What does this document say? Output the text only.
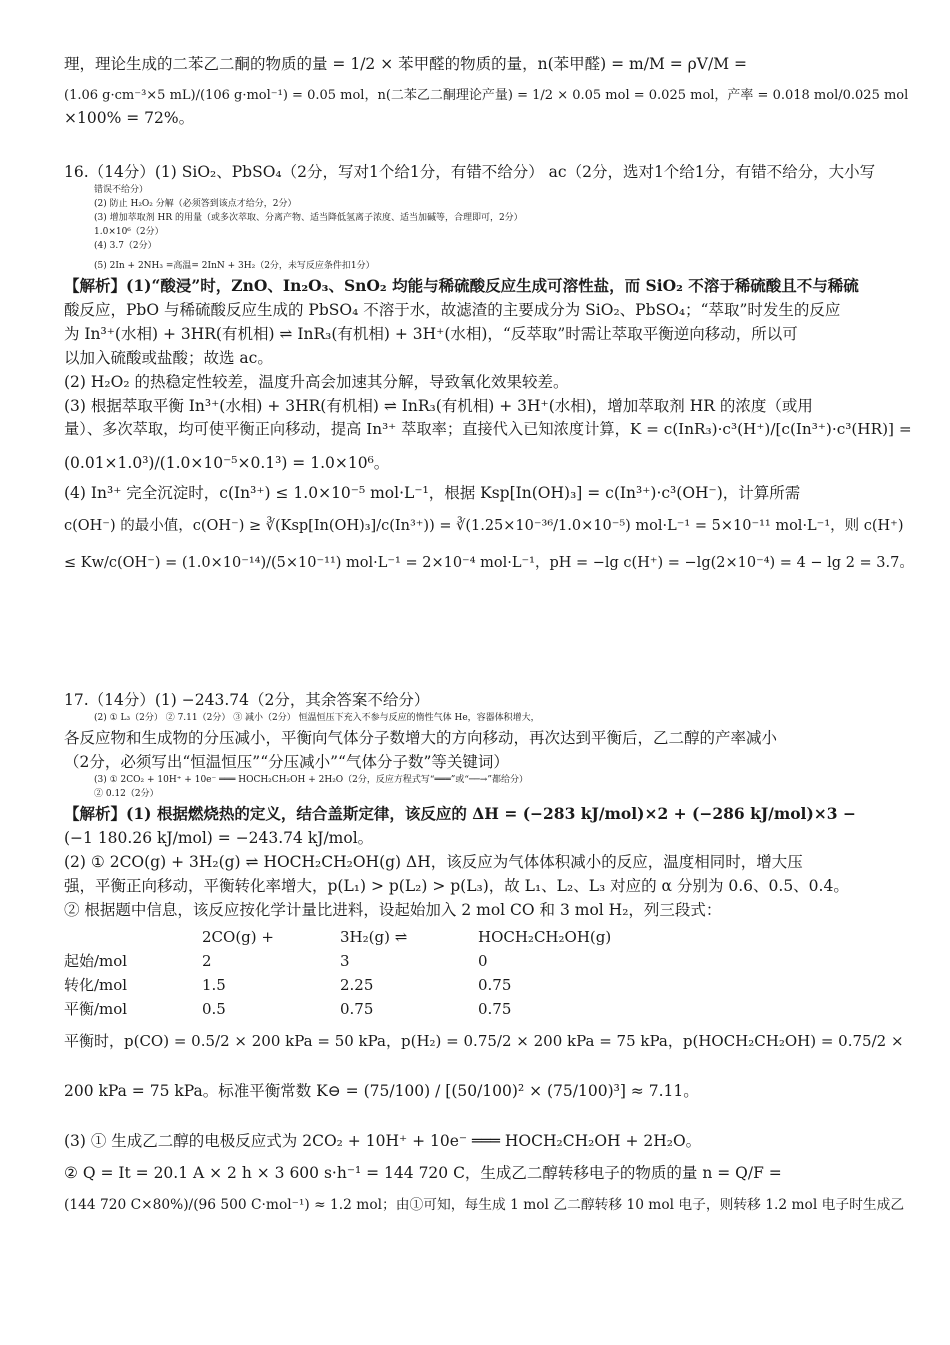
理，理论生成的二苯乙二酮的物质的量 = 1/2 × 苯甲醛的物质的量，n(苯甲醛) = m/M = ρV/M =
(1.06 g·cm⁻³×5 mL)/(106 g·mol⁻¹) = 0.05 mol，n(二苯乙二酮理论产量) = 1/2 × 0.05 mol = 0.025 mol，产率 = 0.018 mol/0.025 mol
×100% = 72%。
16.（14分）(1) SiO₂、PbSO₄（2分，写对1个给1分，有错不给分） ac（2分，选对1个给1分，有错不给分，大小写
错误不给分）
(2) 防止 H₂O₂ 分解（必须答到该点才给分，2分）
(3) 增加萃取剂 HR 的用量（或多次萃取、分离产物、适当降低氢离子浓度、适当加碱等，合理即可，2分）
1.0×10⁶（2分）
(4) 3.7（2分）
(5) 2In + 2NH₃ =高温= 2InN + 3H₂（2分，未写反应条件扣1分）
【解析】(1)“酸浸”时，ZnO、In₂O₃、SnO₂ 均能与稀硫酸反应生成可溶性盐，而 SiO₂ 不溶于稀硫酸且不与稀硫
酸反应，PbO 与稀硫酸反应生成的 PbSO₄ 不溶于水，故滤渣的主要成分为 SiO₂、PbSO₄；“萃取”时发生的反应
为 In³⁺(水相) + 3HR(有机相) ⇌ InR₃(有机相) + 3H⁺(水相)，“反萃取”时需让萃取平衡逆向移动，所以可
以加入硫酸或盐酸；故选 ac。
(2) H₂O₂ 的热稳定性较差，温度升高会加速其分解，导致氧化效果较差。
(3) 根据萃取平衡 In³⁺(水相) + 3HR(有机相) ⇌ InR₃(有机相) + 3H⁺(水相)，增加萃取剂 HR 的浓度（或用
量）、多次萃取，均可使平衡正向移动，提高 In³⁺ 萃取率；直接代入已知浓度计算，K = c(InR₃)·c³(H⁺)/[c(In³⁺)·c³(HR)] =
(0.01×1.0³)/(1.0×10⁻⁵×0.1³) = 1.0×10⁶。
(4) In³⁺ 完全沉淀时，c(In³⁺) ≤ 1.0×10⁻⁵ mol·L⁻¹，根据 Ksp[In(OH)₃] = c(In³⁺)·c³(OH⁻)，计算所需
c(OH⁻) 的最小值，c(OH⁻) ≥ ∛(Ksp[In(OH)₃]/c(In³⁺)) = ∛(1.25×10⁻³⁶/1.0×10⁻⁵) mol·L⁻¹ = 5×10⁻¹¹ mol·L⁻¹，则 c(H⁺)
≤ Kw/c(OH⁻) = (1.0×10⁻¹⁴)/(5×10⁻¹¹) mol·L⁻¹ = 2×10⁻⁴ mol·L⁻¹，pH = −lg c(H⁺) = −lg(2×10⁻⁴) = 4 − lg 2 = 3.7。
17.（14分）(1) −243.74（2分，其余答案不给分）
(2) ① L₃（2分） ② 7.11（2分） ③ 减小（2分） 恒温恒压下充入不参与反应的惰性气体 He，容器体积增大，
各反应物和生成物的分压减小，平衡向气体分子数增大的方向移动，再次达到平衡后，乙二醇的产率减小
（2分，必须写出“恒温恒压”“分压减小”“气体分子数”等关键词）
(3) ① 2CO₂ + 10H⁺ + 10e⁻ ═══ HOCH₂CH₂OH + 2H₂O（2分，反应方程式写“═══”或“──→”都给分）
② 0.12（2分）
【解析】(1) 根据燃烧热的定义，结合盖斯定律，该反应的 ΔH = (−283 kJ/mol)×2 + (−286 kJ/mol)×3 −
(−1 180.26 kJ/mol) = −243.74 kJ/mol。
(2) ① 2CO(g) + 3H₂(g) ⇌ HOCH₂CH₂OH(g) ΔH，该反应为气体体积减小的反应，温度相同时，增大压
强，平衡正向移动，平衡转化率增大，p(L₁) > p(L₂) > p(L₃)，故 L₁、L₂、L₃ 对应的 α 分别为 0.6、0.5、0.4。
② 根据题中信息，该反应按化学计量比进料，设起始加入 2 mol CO 和 3 mol H₂，列三段式：
	2CO(g) +	3H₂(g) ⇌	HOCH₂CH₂OH(g)
起始/mol	2	3	0
转化/mol	1.5	2.25	0.75
平衡/mol	0.5	0.75	0.75
平衡时，p(CO) = 0.5/2 × 200 kPa = 50 kPa，p(H₂) = 0.75/2 × 200 kPa = 75 kPa，p(HOCH₂CH₂OH) = 0.75/2 ×
200 kPa = 75 kPa。标准平衡常数 K⊖ = (75/100) / [(50/100)² × (75/100)³] ≈ 7.11。
(3) ① 生成乙二醇的电极反应式为 2CO₂ + 10H⁺ + 10e⁻ ═══ HOCH₂CH₂OH + 2H₂O。
② Q = It = 20.1 A × 2 h × 3 600 s·h⁻¹ = 144 720 C，生成乙二醇转移电子的物质的量 n = Q/F =
(144 720 C×80%)/(96 500 C·mol⁻¹) ≈ 1.2 mol；由①可知，每生成 1 mol 乙二醇转移 10 mol 电子，则转移 1.2 mol 电子时生成乙
